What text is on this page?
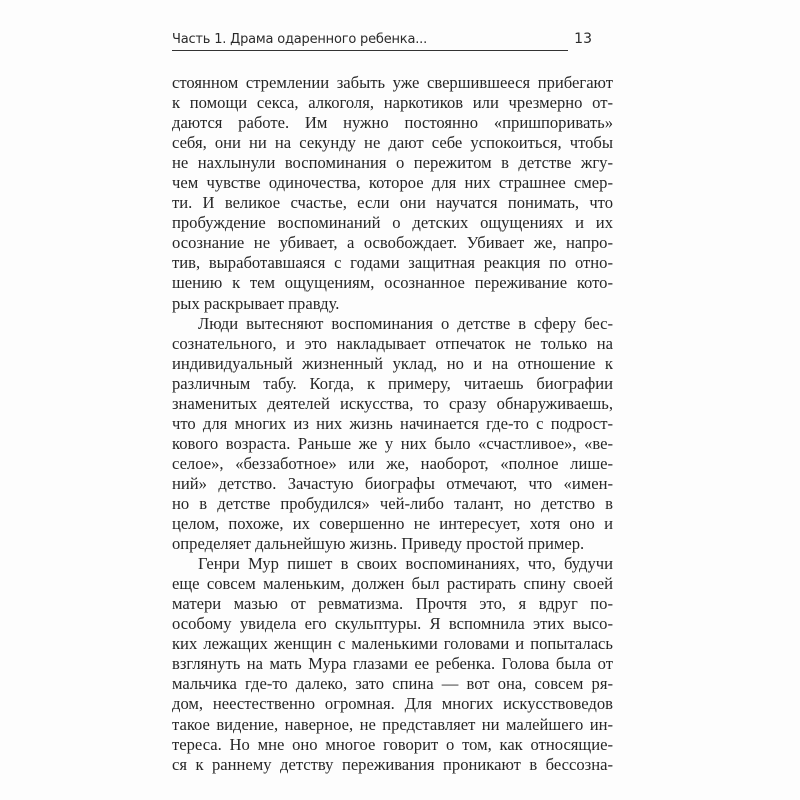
Часть 1. Драма одаренного ребенка...	13
стоянном стремлении забыть уже свершившееся прибегают
к помощи секса, алкоголя, наркотиков или чрезмерно от-
даются работе. Им нужно постоянно «пришпоривать»
себя, они ни на секунду не дают себе успокоиться, чтобы
не нахлынули воспоминания о пережитом в детстве жгу-
чем чувстве одиночества, которое для них страшнее смер-
ти. И великое счастье, если они научатся понимать, что
пробуждение воспоминаний о детских ощущениях и их
осознание не убивает, а освобождает. Убивает же, напро-
тив, выработавшаяся с годами защитная реакция по отно-
шению к тем ощущениям, осознанное переживание кото-
рых раскрывает правду.
Люди вытесняют воспоминания о детстве в сферу бес-
сознательного, и это накладывает отпечаток не только на
индивидуальный жизненный уклад, но и на отношение к
различным табу. Когда, к примеру, читаешь биографии
знаменитых деятелей искусства, то сразу обнаруживаешь,
что для многих из них жизнь начинается где-то с подрост-
кового возраста. Раньше же у них было «счастливое», «ве-
селое», «беззаботное» или же, наоборот, «полное лише-
ний» детство. Зачастую биографы отмечают, что «имен-
но в детстве пробудился» чей-либо талант, но детство в
целом, похоже, их совершенно не интересует, хотя оно и
определяет дальнейшую жизнь. Приведу простой пример.
Генри Мур пишет в своих воспоминаниях, что, будучи
еще совсем маленьким, должен был растирать спину своей
матери мазью от ревматизма. Прочтя это, я вдруг по-
особому увидела его скульптуры. Я вспомнила этих высо-
ких лежащих женщин с маленькими головами и попыталась
взглянуть на мать Мура глазами ее ребенка. Голова была от
мальчика где-то далеко, зато спина — вот она, совсем ря-
дом, неестественно огромная. Для многих искусствоведов
такое видение, наверное, не представляет ни малейшего ин-
тереса. Но мне оно многое говорит о том, как относящие-
ся к раннему детству переживания проникают в бессозна-
